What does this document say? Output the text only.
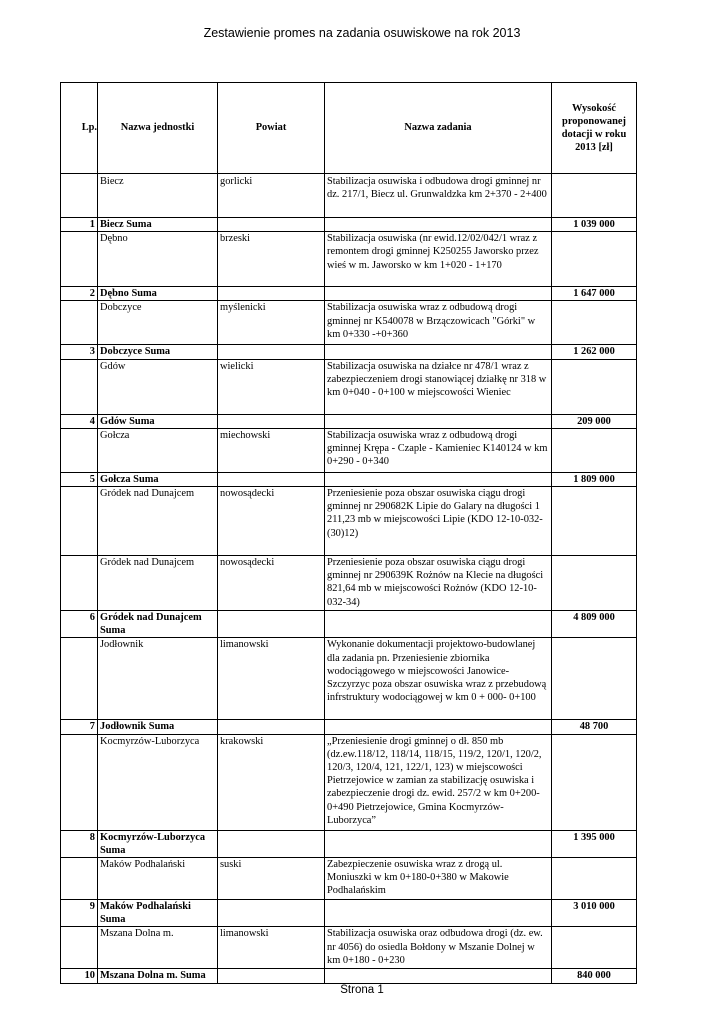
Zestawienie promes na zadania osuwiskowe na rok 2013
Lp.	Nazwa jednostki	Powiat	Nazwa zadania	Wysokość proponowanej dotacji w roku 2013 [zł]
	Biecz	gorlicki	Stabilizacja osuwiska i odbudowa drogi gminnej nr dz. 217/1, Biecz ul. Grunwaldzka km 2+370 - 2+400	
1	Biecz Suma			1 039 000
	Dębno	brzeski	Stabilizacja osuwiska (nr ewid.12/02/042/1 wraz z remontem drogi gminnej K250255 Jaworsko przez wieś w m. Jaworsko w km 1+020 - 1+170	
2	Dębno Suma			1 647 000
	Dobczyce	myślenicki	Stabilizacja osuwiska wraz z odbudową drogi gminnej nr K540078 w Brzączowicach "Górki" w km 0+330 -+0+360	
3	Dobczyce Suma			1 262 000
	Gdów	wielicki	Stabilizacja osuwiska na działce nr 478/1 wraz z zabezpieczeniem drogi stanowiącej działkę nr 318 w km 0+040 - 0+100 w miejscowości Wieniec	
4	Gdów Suma			209 000
	Gołcza	miechowski	Stabilizacja osuwiska wraz z odbudową drogi gminnej Krępa - Czaple - Kamieniec K140124 w km 0+290 - 0+340	
5	Gołcza Suma			1 809 000
	Gródek nad Dunajcem	nowosądecki	Przeniesienie poza obszar osuwiska ciągu drogi gminnej nr 290682K Lipie do Galary na długości 1 211,23 mb w miejscowości Lipie (KDO 12-10-032-(30)12)	
	Gródek nad Dunajcem	nowosądecki	Przeniesienie poza obszar osuwiska ciągu drogi gminnej nr 290639K Rożnów na Klecie na długości 821,64 mb w miejscowości Rożnów (KDO 12-10-032-34)	
6	Gródek nad Dunajcem Suma			4 809 000
	Jodłownik	limanowski	Wykonanie dokumentacji projektowo-budowlanej dla zadania pn. Przeniesienie zbiornika wodociągowego w miejscowości Janowice-Szczyrzyc poza obszar osuwiska wraz z przebudową infrstruktury wodociągowej w km 0 + 000- 0+100	
7	Jodłownik Suma			48 700
	Kocmyrzów-Luborzyca	krakowski	„Przeniesienie drogi gminnej o dł. 850 mb (dz.ew.118/12, 118/14, 118/15, 119/2, 120/1, 120/2, 120/3, 120/4, 121, 122/1, 123) w miejscowości Pietrzejowice w zamian za stabilizację osuwiska i zabezpieczenie drogi dz. ewid. 257/2 w km 0+200-0+490 Pietrzejowice, Gmina Kocmyrzów-Luborzyca”	
8	Kocmyrzów-Luborzyca Suma			1 395 000
	Maków Podhalański	suski	Zabezpieczenie osuwiska wraz z drogą ul. Moniuszki w km 0+180-0+380 w Makowie Podhalańskim	
9	Maków Podhalański Suma			3 010 000
	Mszana Dolna m.	limanowski	Stabilizacja osuwiska oraz odbudowa drogi (dz. ew. nr 4056) do osiedla Bołdony w Mszanie Dolnej w km 0+180 - 0+230	
10	Mszana Dolna m. Suma			840 000
Strona 1
